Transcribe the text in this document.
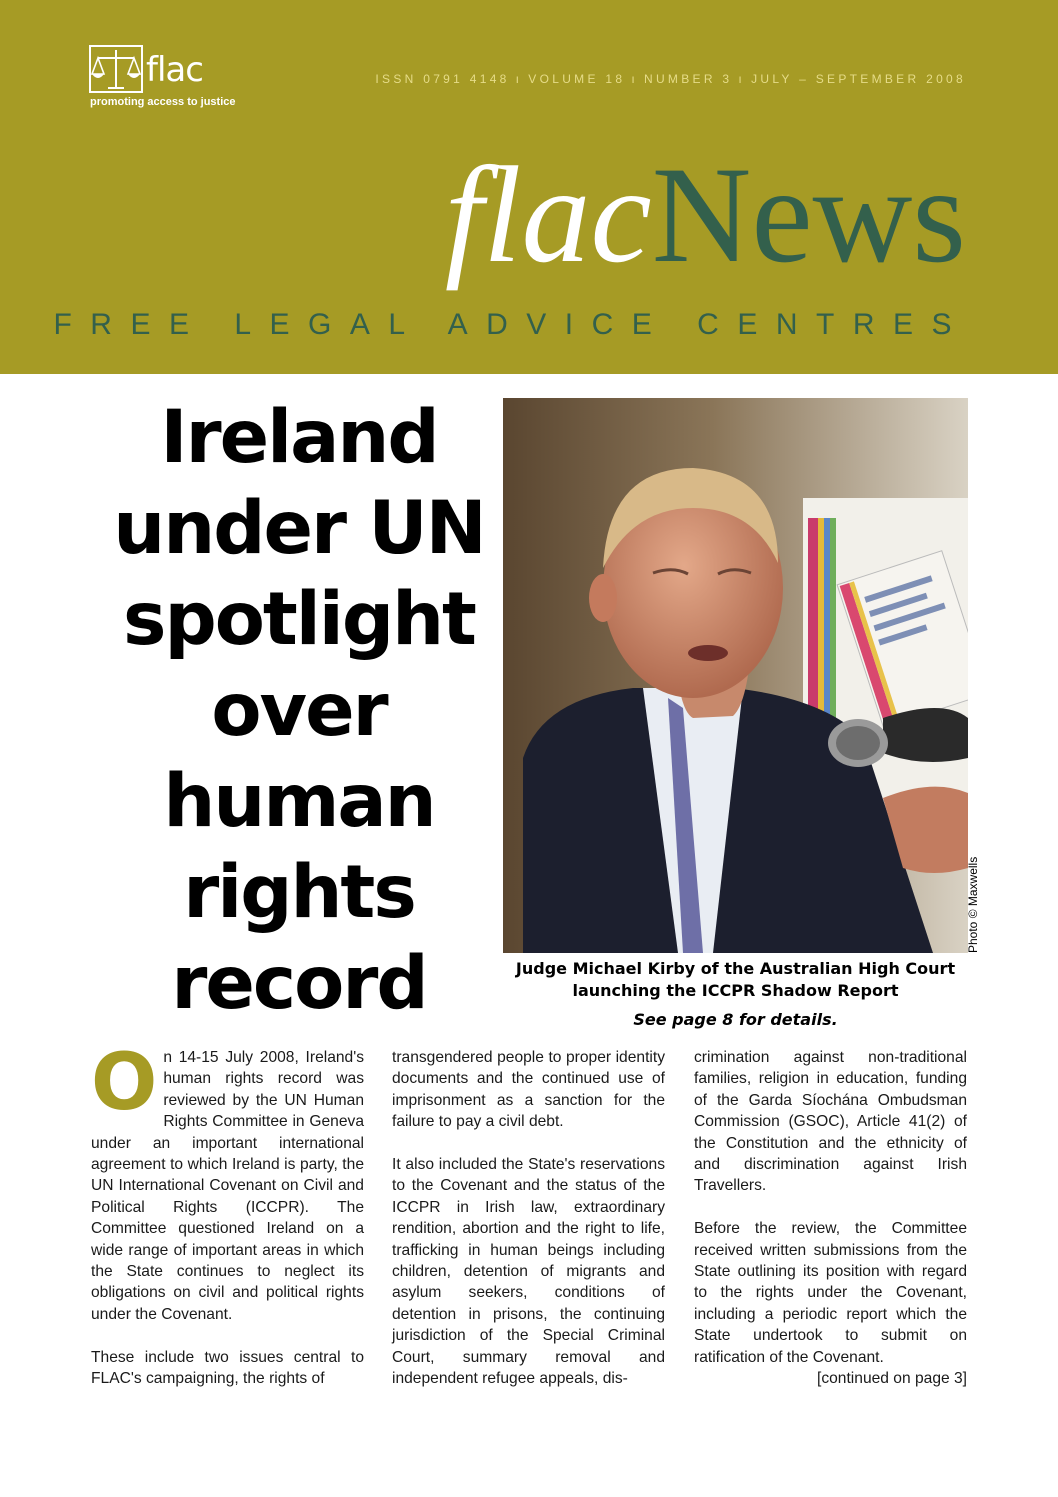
flac
promoting access to justice
ISSN 0791 4148 ı VOLUME 18 ı NUMBER 3 ı JULY – SEPTEMBER 2008
flacNews
FREE LEGAL ADVICE CENTRES
Ireland
under UN
spotlight
over
human
rights
record
Photo © Maxwells
Judge Michael Kirby of the Australian High Court
launching the ICCPR Shadow Report
See page 8 for details.

On 14-15 July 2008, Ireland's human rights record was reviewed by the UN Human Rights Committee in Geneva under an important international agreement to which Ireland is party, the UN International Covenant on Civil and Political Rights (ICCPR). The Committee questioned Ireland on a wide range of important areas in which the State continues to neglect its obligations on civil and political rights under the Covenant.

These include two issues central to FLAC's campaigning, the rights of

transgendered people to proper identity documents and the continued use of imprisonment as a sanction for the failure to pay a civil debt.

It also included the State's reservations to the Covenant and the status of the ICCPR in Irish law, extraordinary rendition, abortion and the right to life, trafficking in human beings including children, detention of migrants and asylum seekers, conditions of detention in prisons, the continuing jurisdiction of the Special Criminal Court, summary removal and independent refugee appeals, dis-

crimination against non-traditional families, religion in education, funding of the Garda Síochána Ombudsman Commission (GSOC), Article 41(2) of the Constitution and the ethnicity of and discrimination against Irish Travellers.

Before the review, the Committee received written submissions from the State outlining its position with regard to the rights under the Covenant, including a periodic report which the State undertook to submit on ratification of the Covenant.

[continued on page 3]
